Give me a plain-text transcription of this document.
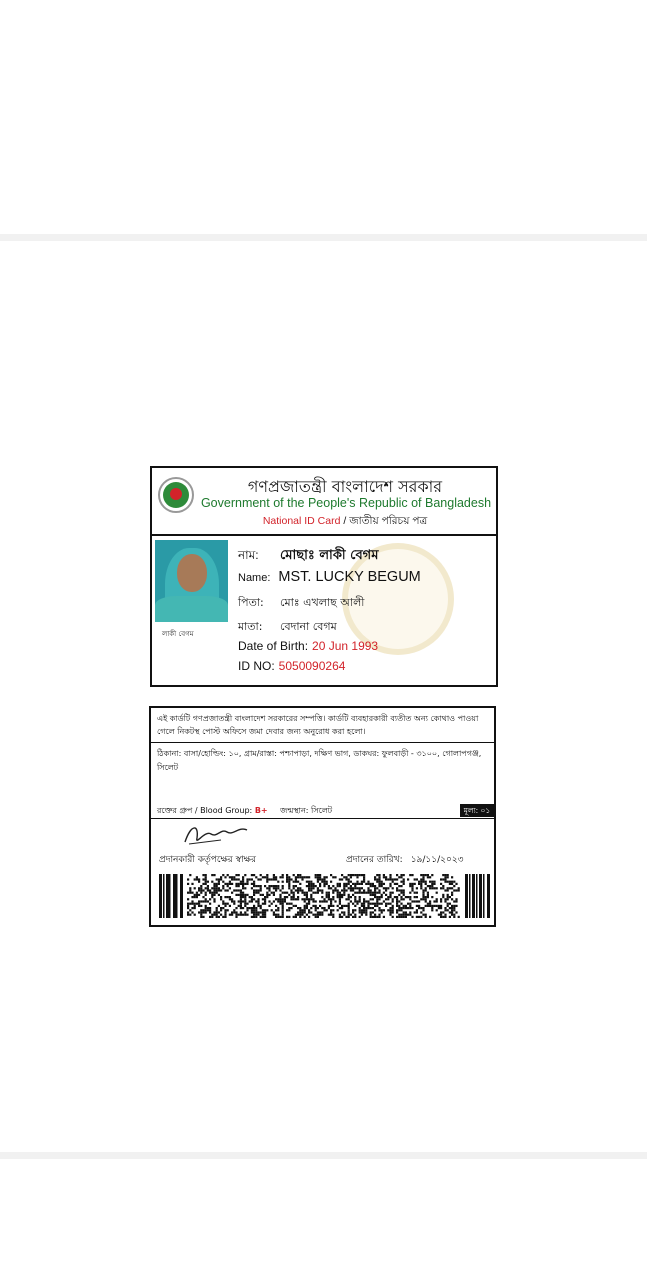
গণপ্রজাতন্ত্রী বাংলাদেশ সরকার
Government of the People's Republic of Bangladesh
National ID Card / জাতীয় পরিচয় পত্র
লাকী বেগম
নাম: মোছাঃ লাকী বেগম
Name: MST. LUCKY BEGUM
পিতা: মোঃ এখলাছ আলী
মাতা: বেদানা বেগম
Date of Birth: 20 Jun 1993
ID NO: 5050090264
এই কার্ডটি গণপ্রজাতন্ত্রী বাংলাদেশ সরকারের সম্পত্তি। কার্ডটি ব্যবহারকারী ব্যতীত অন্য কোথাও পাওয়া গেলে নিকটস্থ পোস্ট অফিসে জমা দেবার জন্য অনুরোধ করা হলো।
ঠিকানা: বাসা/হোল্ডিং: ১০, গ্রাম/রাস্তা: পশ্চাপাড়া, দক্ষিণ ভাগ, ডাকঘর: ফুলবাড়ী - ৩১০০, গোলাপগঞ্জ, সিলেট
রক্তের গ্রুপ / Blood Group: B+ জন্মস্থান: সিলেট	মূল্য: ০১
প্রদানকারী কর্তৃপক্ষের স্বাক্ষর	প্রদানের তারিখ: ১৯/১১/২০২৩
